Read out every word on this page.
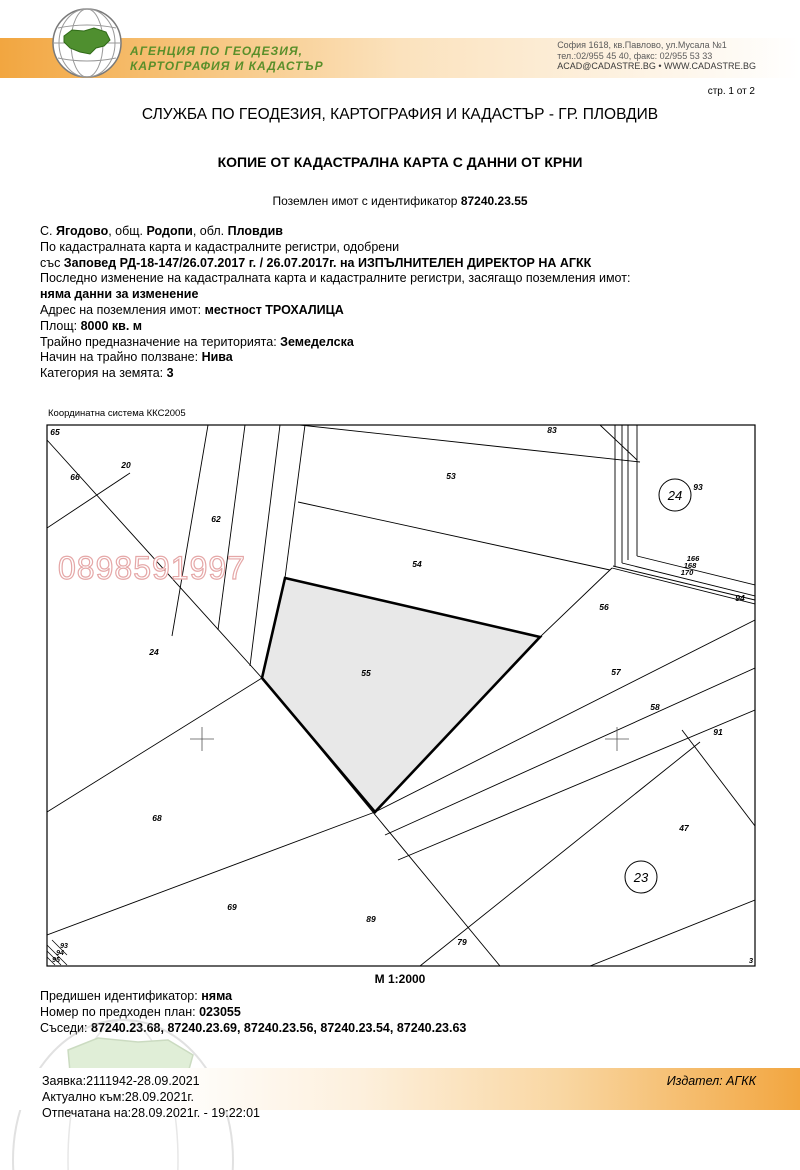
АГЕНЦИЯ ПО ГЕОДЕЗИЯ,
КАРТОГРАФИЯ И КАДАСТЪР
София 1618, кв.Павлово, ул.Мусала №1
тел.:02/955 45 40, факс: 02/955 53 33
ACAD@CADASTRE.BG • WWW.CADASTRE.BG
стр. 1 от 2
СЛУЖБА ПО ГЕОДЕЗИЯ, КАРТОГРАФИЯ И КАДАСТЪР - ГР. ПЛОВДИВ
КОПИЕ ОТ КАДАСТРАЛНА КАРТА С ДАННИ ОТ КРНИ
Поземлен имот с идентификатор 87240.23.55
С. Ягодово, общ. Родопи, обл. Пловдив
По кадастралната карта и кадастралните регистри, одобрени
със Заповед РД-18-147/26.07.2017 г. / 26.07.2017г. на ИЗПЪЛНИТЕЛЕН ДИРЕКТОР НА АГКК
Последно изменение на кадастралната карта и кадастралните регистри, засягащо поземления имот:
няма данни за изменение
Адрес на поземления имот: местност ТРОХАЛИЦА
Площ: 8000 кв. м
Трайно предназначение на територията: Земеделска
Начин на трайно ползване: Нива
Категория на земята: 3
Координатна система ККС2005
65
66
20
62
83
53
93
54
24
166
168
170
94
56
55	57
58
91
68
47
69
89
79
3
93
94
95
24
23
0898591997
М 1:2000
Предишен идентификатор: няма
Номер по предходен план: 023055
Съседи: 87240.23.68, 87240.23.69, 87240.23.56, 87240.23.54, 87240.23.63
Заявка:2111942-28.09.2021
Актуално към:28.09.2021г.
Отпечатана на:28.09.2021г. - 19:22:01
Издател: АГКК
